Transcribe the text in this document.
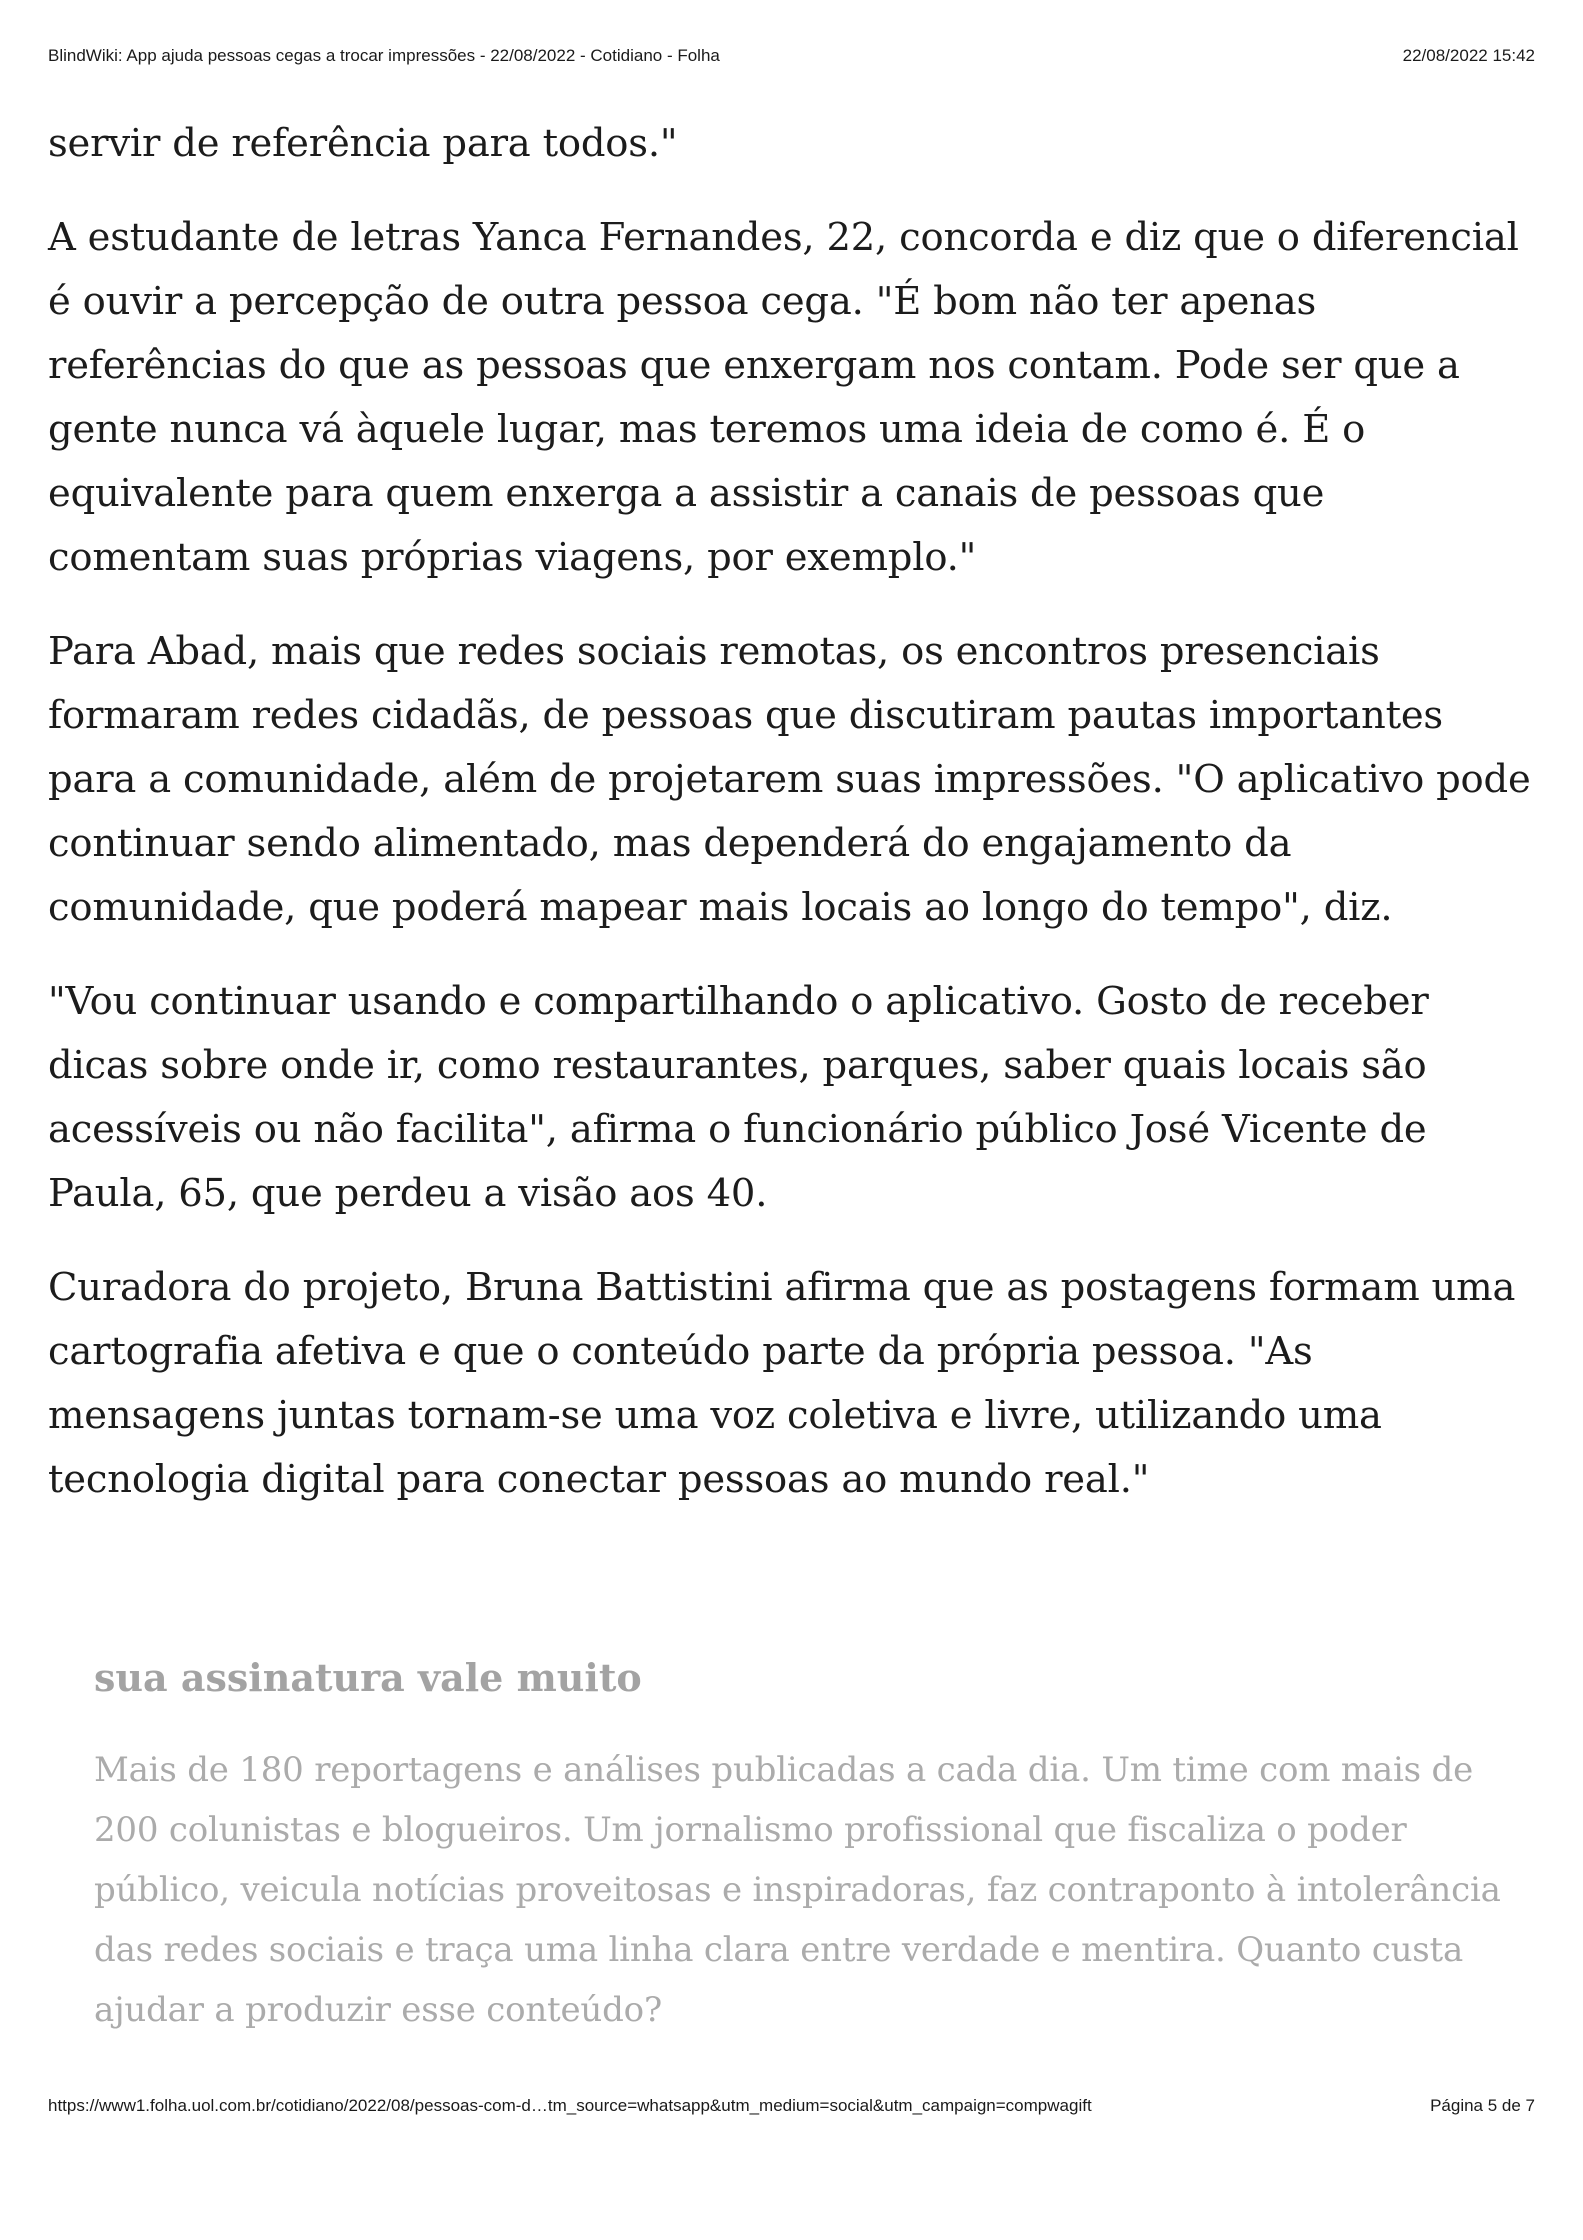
BlindWiki: App ajuda pessoas cegas a trocar impressões - 22/08/2022 - Cotidiano - Folha	22/08/2022 15:42

servir de referência para todos."

A estudante de letras Yanca Fernandes, 22, concorda e diz que o diferencial é ouvir a percepção de outra pessoa cega. "É bom não ter apenas referências do que as pessoas que enxergam nos contam. Pode ser que a gente nunca vá àquele lugar, mas teremos uma ideia de como é. É o equivalente para quem enxerga a assistir a canais de pessoas que comentam suas próprias viagens, por exemplo."

Para Abad, mais que redes sociais remotas, os encontros presenciais formaram redes cidadãs, de pessoas que discutiram pautas importantes para a comunidade, além de projetarem suas impressões. "O aplicativo pode continuar sendo alimentado, mas dependerá do engajamento da comunidade, que poderá mapear mais locais ao longo do tempo", diz.

"Vou continuar usando e compartilhando o aplicativo. Gosto de receber dicas sobre onde ir, como restaurantes, parques, saber quais locais são acessíveis ou não facilita", afirma o funcionário público José Vicente de Paula, 65, que perdeu a visão aos 40.

Curadora do projeto, Bruna Battistini afirma que as postagens formam uma cartografia afetiva e que o conteúdo parte da própria pessoa. "As mensagens juntas tornam-se uma voz coletiva e livre, utilizando uma tecnologia digital para conectar pessoas ao mundo real."

sua assinatura vale muito

Mais de 180 reportagens e análises publicadas a cada dia. Um time com mais de 200 colunistas e blogueiros. Um jornalismo profissional que fiscaliza o poder público, veicula notícias proveitosas e inspiradoras, faz contraponto à intolerância das redes sociais e traça uma linha clara entre verdade e mentira. Quanto custa ajudar a produzir esse conteúdo?

https://www1.folha.uol.com.br/cotidiano/2022/08/pessoas-com-d…tm_source=whatsapp&utm_medium=social&utm_campaign=compwagift	Página 5 de 7
